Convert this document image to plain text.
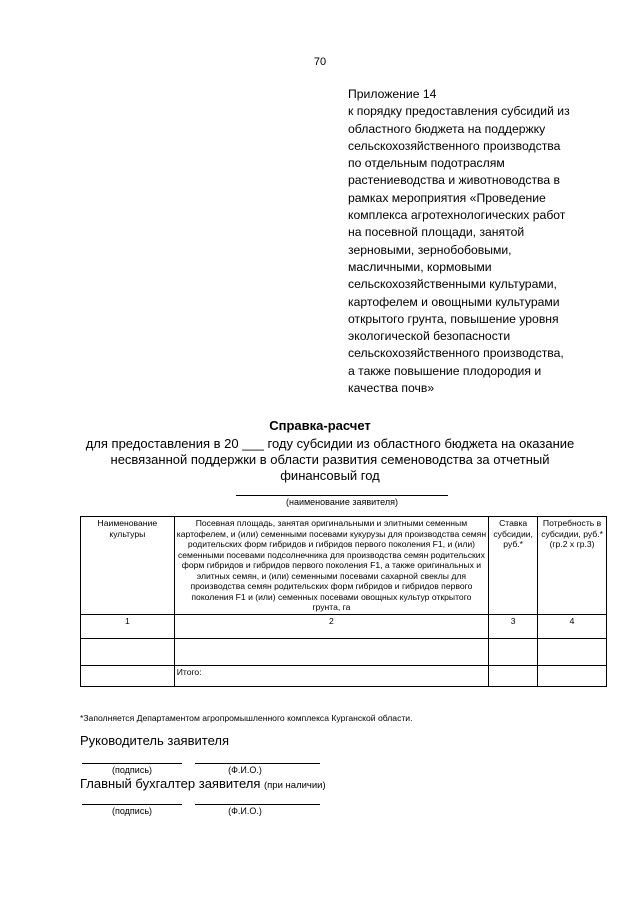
70
Приложение 14
к порядку предоставления субсидий из
областного бюджета на поддержку
сельскохозяйственного производства
по отдельным подотраслям
растениеводства и животноводства в
рамках мероприятия «Проведение
комплекса агротехнологических работ
на посевной площади, занятой
зерновыми, зернобобовыми,
масличными, кормовыми
сельскохозяйственными культурами,
картофелем и овощными культурами
открытого грунта, повышение уровня
экологической безопасности
сельскохозяйственного производства,
а также повышение плодородия и
качества почв»
Справка-расчет
для предоставления в 20 ___ году субсидии из областного бюджета на оказание
несвязанной поддержки в области развития семеноводства за отчетный
финансовый год
(наименование заявителя)
Наименование культуры	Посевная площадь, занятая оригинальными и элитными семенным картофелем, и (или) семенными посевами кукурузы для производства семян родительских форм гибридов и гибридов первого поколения F1, и (или) семенными посевами подсолнечника для производства семян родительских форм гибридов и гибридов первого поколения F1, а также оригинальных и элитных семян, и (или) семенными посевами сахарной свеклы для производства семян родительских форм гибридов и гибридов первого поколения F1 и (или) семенных посевами овощных культур открытого грунта, га	Ставка субсидии, руб.*	Потребность в субсидии, руб.* (гр.2 x гр.3)
1	2	3	4

	Итого:		
*Заполняется Департаментом агропромышленного комплекса Курганской области.
Руководитель заявителя
(подпись)	(Ф.И.О.)
Главный бухгалтер заявителя (при наличии)
(подпись)	(Ф.И.О.)
